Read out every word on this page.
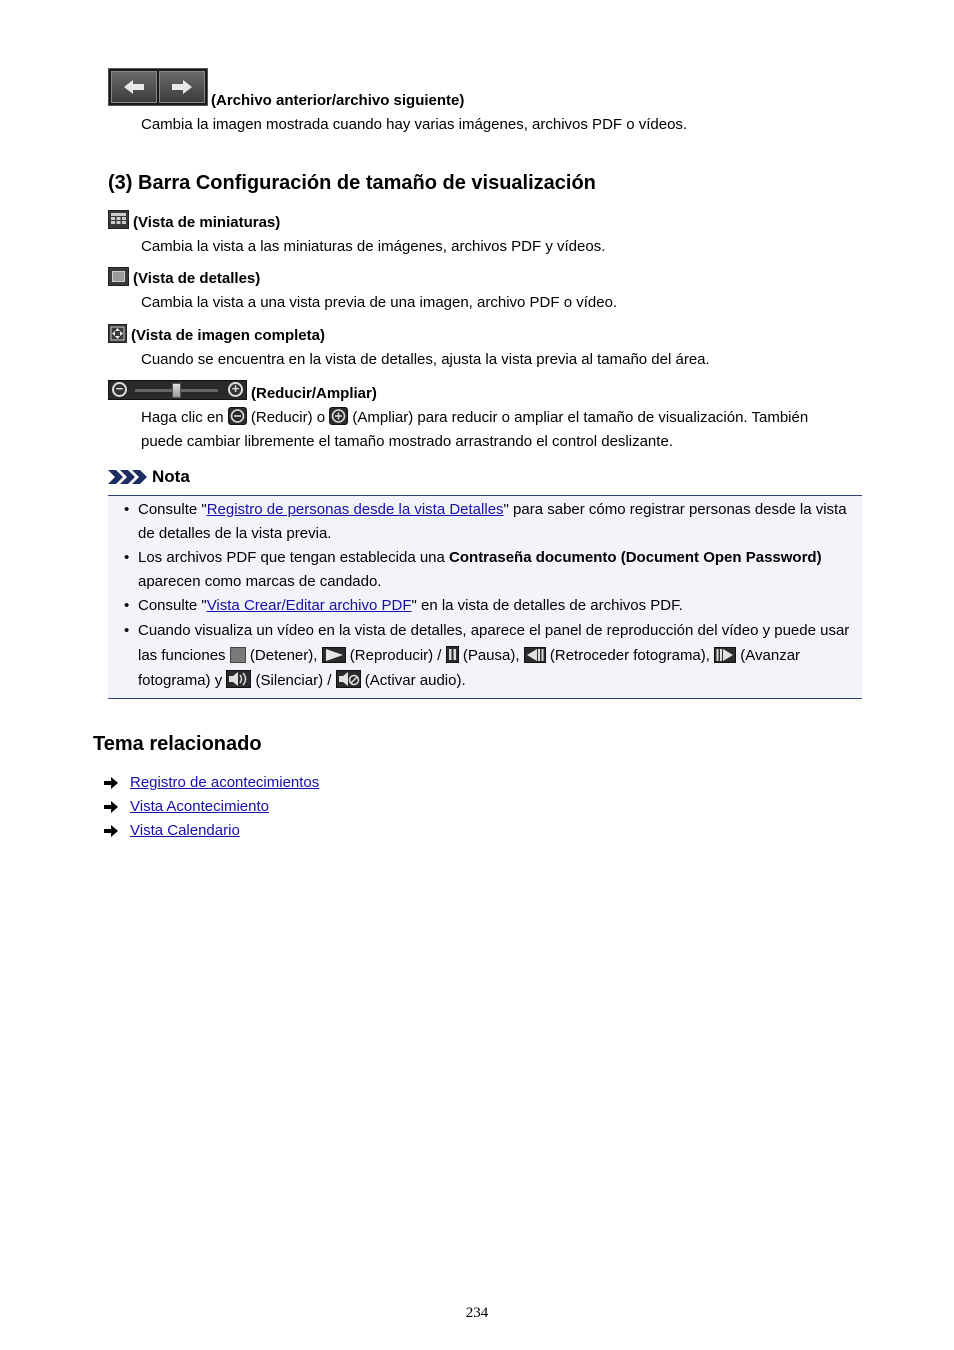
(Archivo anterior/archivo siguiente)
Cambia la imagen mostrada cuando hay varias imágenes, archivos PDF o vídeos.
(3) Barra Configuración de tamaño de visualización
(Vista de miniaturas)
Cambia la vista a las miniaturas de imágenes, archivos PDF y vídeos.
(Vista de detalles)
Cambia la vista a una vista previa de una imagen, archivo PDF o vídeo.
(Vista de imagen completa)
Cuando se encuentra en la vista de detalles, ajusta la vista previa al tamaño del área.
−	+ (Reducir/Ampliar)
Haga clic en (Reducir) o (Ampliar) para reducir o ampliar el tamaño de visualización. También
puede cambiar libremente el tamaño mostrado arrastrando el control deslizante.
Nota
• Consulte "Registro de personas desde la vista Detalles" para saber cómo registrar personas desde la vista de detalles de la vista previa.
• Los archivos PDF que tengan establecida una Contraseña documento (Document Open Password) aparecen como marcas de candado.
• Consulte "Vista Crear/Editar archivo PDF" en la vista de detalles de archivos PDF.
• Cuando visualiza un vídeo en la vista de detalles, aparece el panel de reproducción del vídeo y puede usar las funciones (Detener), (Reproducir) / (Pausa), (Retroceder fotograma), (Avanzar fotograma) y (Silenciar) / (Activar audio).
Tema relacionado
Registro de acontecimientos
Vista Acontecimiento
Vista Calendario
234
